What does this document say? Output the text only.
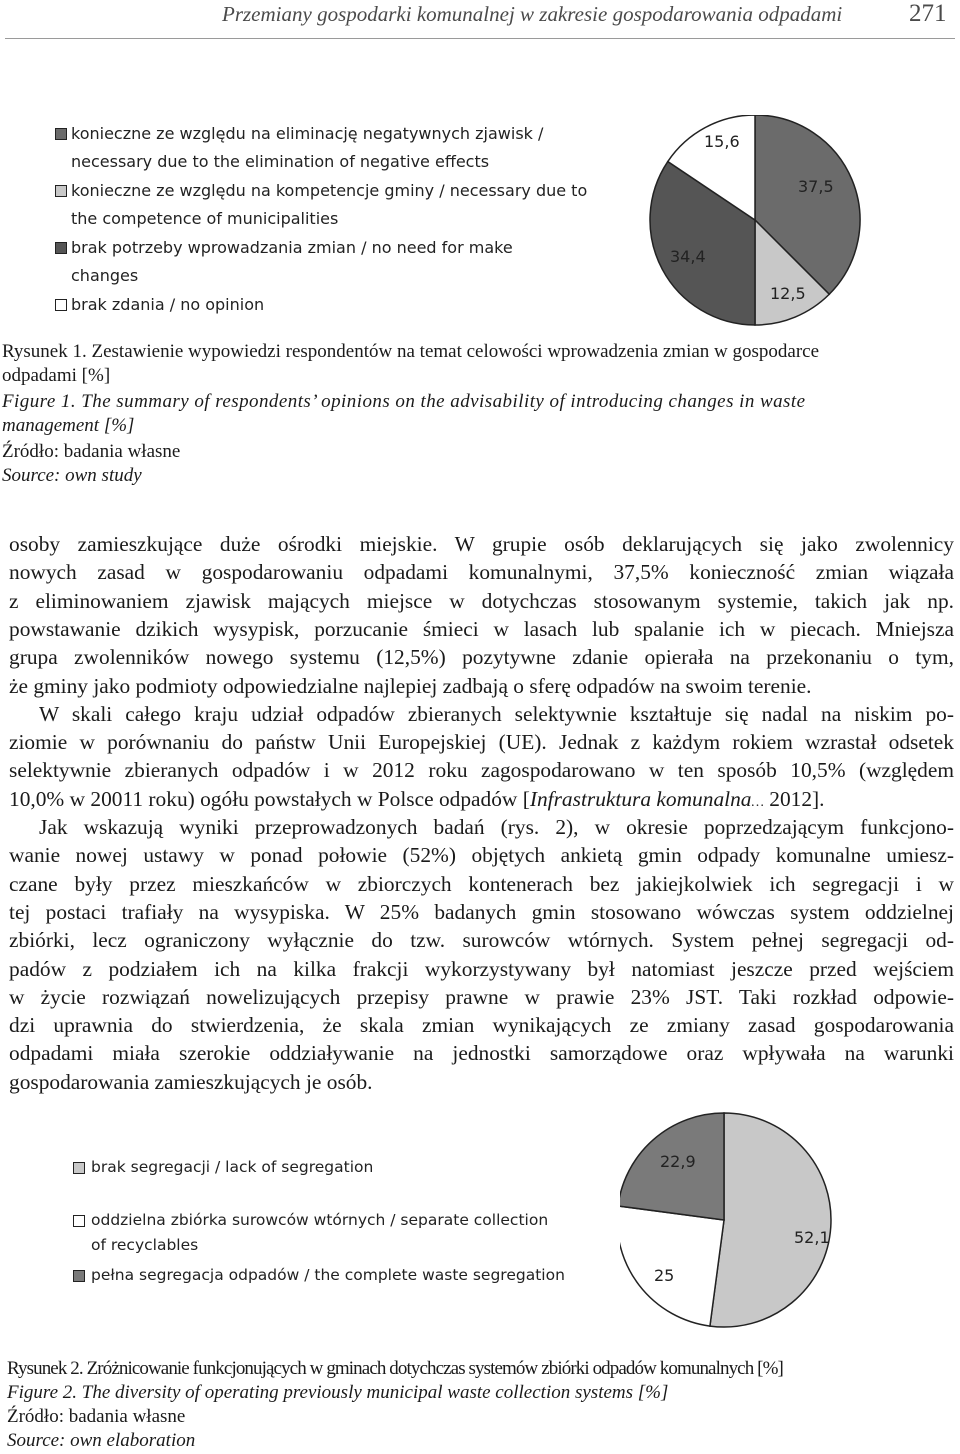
Przemiany gospodarki komunalnej w zakresie gospodarowania odpadami	271
konieczne ze względu na eliminację negatywnych zjawisk /
necessary due to the elimination of negative effects
konieczne ze względu na kompetencje gminy / necessary due to
the competence of municipalities
brak potrzeby wprowadzania zmian / no need for make
changes
brak zdania / no opinion
37,5
12,5
34,4
15,6
Rysunek 1. Zestawienie wypowiedzi respondentów na temat celowości wprowadzenia zmian w gospodarce
odpadami [%]
Figure 1. The summary of respondents’ opinions on the advisability of introducing changes in waste
management [%]
Źródło: badania własne
Source: own study
osoby zamieszkujące duże ośrodki miejskie. W grupie osób deklarujących się jako zwolennicy
nowych zasad w gospodarowaniu odpadami komunalnymi, 37,5% konieczność zmian wiązała
z eliminowaniem zjawisk mających miejsce w dotychczas stosowanym systemie, takich jak np.
powstawanie dzikich wysypisk, porzucanie śmieci w lasach lub spalanie ich w piecach. Mniejsza
grupa zwolenników nowego systemu (12,5%) pozytywne zdanie opierała na przekonaniu o tym,
że gminy jako podmioty odpowiedzialne najlepiej zadbają o sferę odpadów na swoim terenie.
W skali całego kraju udział odpadów zbieranych selektywnie kształtuje się nadal na niskim po-
ziomie w porównaniu do państw Unii Europejskiej (UE). Jednak z każdym rokiem wzrastał odsetek
selektywnie zbieranych odpadów i w 2012 roku zagospodarowano w ten sposób 10,5% (względem
10,0% w 20011 roku) ogółu powstałych w Polsce odpadów [Infrastruktura komunalna… 2012].
Jak wskazują wyniki przeprowadzonych badań (rys. 2), w okresie poprzedzającym funkcjono-
wanie nowej ustawy w ponad połowie (52%) objętych ankietą gmin odpady komunalne umiesz-
czane były przez mieszkańców w zbiorczych kontenerach bez jakiejkolwiek ich segregacji i w
tej postaci trafiały na wysypiska. W 25% badanych gmin stosowano wówczas system oddzielnej
zbiórki, lecz ograniczony wyłącznie do tzw. surowców wtórnych. System pełnej segregacji od-
padów z podziałem ich na kilka frakcji wykorzystywany był natomiast jeszcze przed wejściem
w życie rozwiązań nowelizujących przepisy prawne w prawie 23% JST. Taki rozkład odpowie-
dzi uprawnia do stwierdzenia, że skala zmian wynikających ze zmiany zasad gospodarowania
odpadami miała szerokie oddziaływanie na jednostki samorządowe oraz wpływała na warunki
gospodarowania zamieszkujących je osób.
brak segregacji / lack of segregation
oddzielna zbiórka surowców wtórnych / separate collection
of recyclables
pełna segregacja odpadów / the complete waste segregation
52,1
25
22,9
Rysunek 2. Zróżnicowanie funkcjonujących w gminach dotychczas systemów zbiórki odpadów komunalnych [%]
Figure 2. The diversity of operating previously municipal waste collection systems [%]
Źródło: badania własne
Source: own elaboration
